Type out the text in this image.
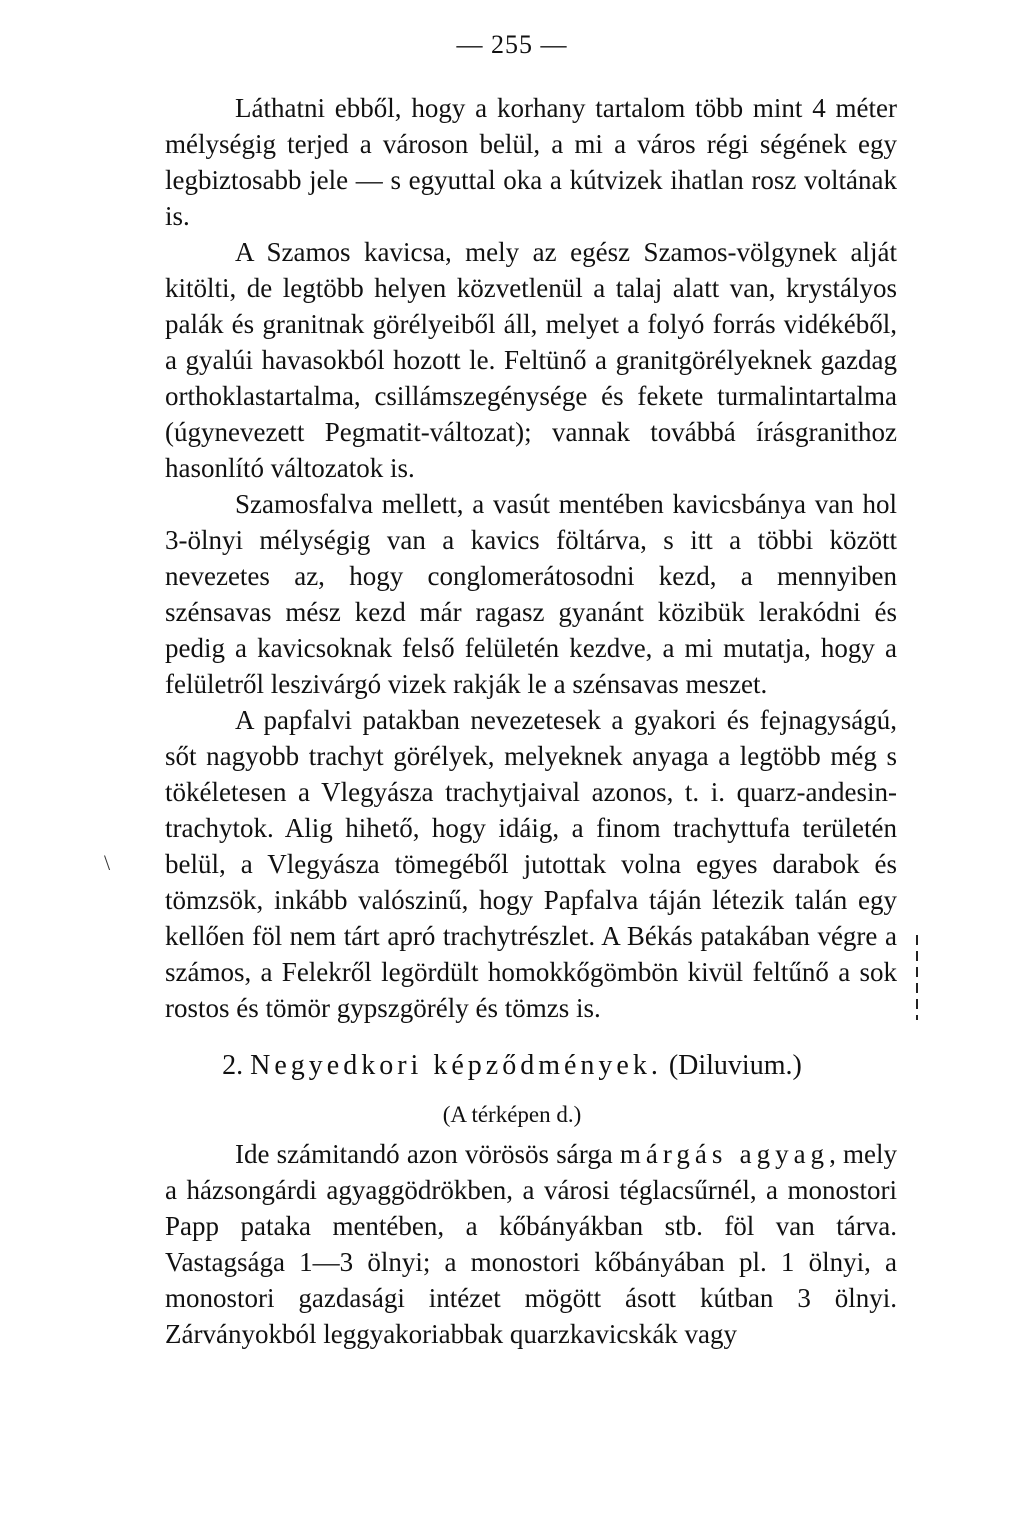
— 255 —

Láthatni ebből, hogy a korhany tartalom több mint 4 méter mélységig terjed a városon belül, a mi a város régi ségének egy legbiztosabb jele — s egyuttal oka a kútvizek ihatlan rosz voltának is.

A Szamos kavicsa, mely az egész Szamos-völgynek alját kitölti, de legtöbb helyen közvetlenül a talaj alatt van, krystályos palák és granitnak görélyeiből áll, melyet a folyó forrás vidékéből, a gyalúi havasokból hozott le. Feltünő a granitgörélyeknek gazdag orthoklastartalma, csillámszegénysége és fekete turmalintartalma (úgynevezett Pegmatit-változat); vannak továbbá írásgranithoz hasonlító változatok is.

Szamosfalva mellett, a vasút mentében kavicsbánya van hol 3-ölnyi mélységig van a kavics föltárva, s itt a többi között nevezetes az, hogy conglomerátosodni kezd, a mennyiben szénsavas mész kezd már ragasz gyanánt közibük lerakódni és pedig a kavicsoknak felső felületén kezdve, a mi mutatja, hogy a felületről leszivárgó vizek rakják le a szénsavas meszet.

A papfalvi patakban nevezetesek a gyakori és fejnagyságú, sőt nagyobb trachyt görélyek, melyeknek anyaga a legtöbb még s tökéletesen a Vlegyásza trachytjaival azonos, t. i. quarz-andesin-trachytok. Alig hihető, hogy idáig, a finom trachyttufa területén belül, a Vlegyásza tömegéből jutottak volna egyes darabok és tömzsök, inkább valószinű, hogy Papfalva táján létezik talán egy kellően föl nem tárt apró trachytrészlet. A Békás patakában végre a számos, a Felekről legördült homokkőgömbön kivül feltűnő a sok rostos és tömör gypszgörély és tömzs is.

\
2. Negyedkori képződmények. (Diluvium.)
(A térképen d.)

Ide számitandó azon vörösös sárga márgás agyag, mely a házsongárdi agyaggödrökben, a városi téglacsűrnél, a monostori Papp pataka mentében, a kőbányákban stb. föl van tárva. Vastagsága 1—3 ölnyi; a monostori kőbányában pl. 1 ölnyi, a monostori gazdasági intézet mögött ásott kútban 3 ölnyi. Zárványokból leggyakoriabbak quarzkavicskák vagy
